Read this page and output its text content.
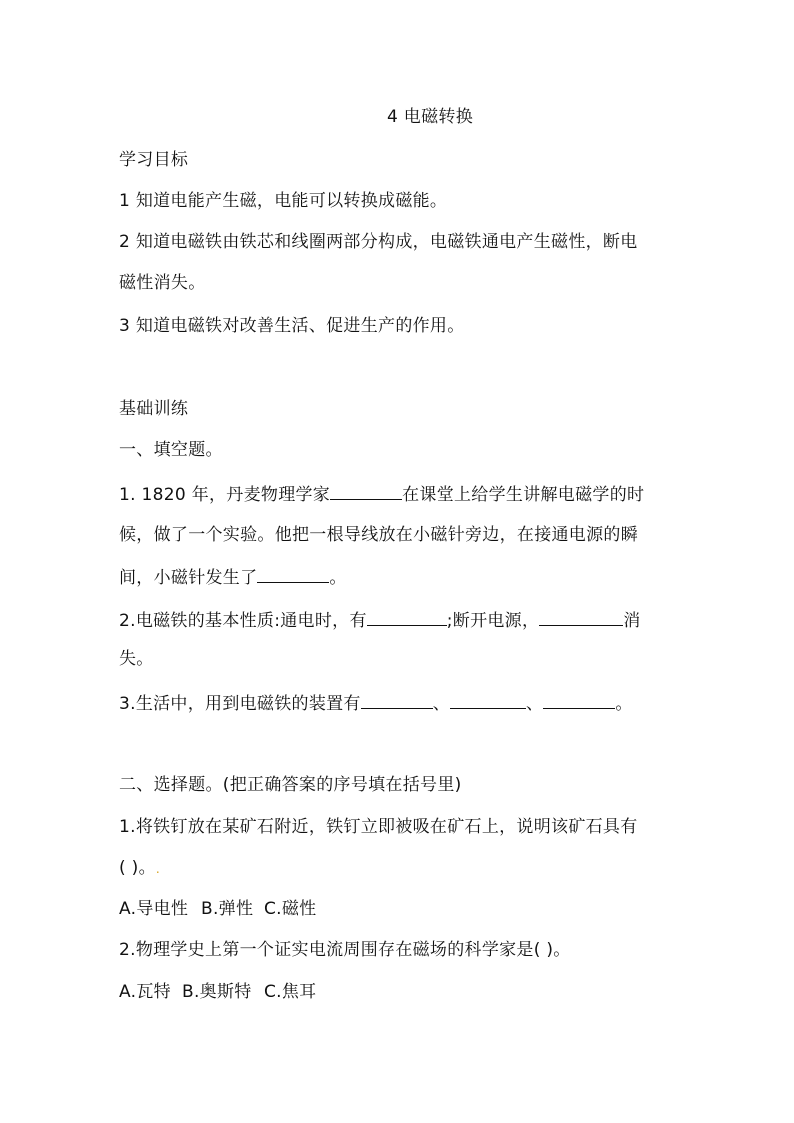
4 电磁转换
学习目标
1 知道电能产生磁，电能可以转换成磁能。
2 知道电磁铁由铁芯和线圈两部分构成，电磁铁通电产生磁性，断电
磁性消失。
3 知道电磁铁对改善生活、促进生产的作用。
基础训练
一、填空题。
1. 1820 年，丹麦物理学家	在课堂上给学生讲解电磁学的时
候，做了一个实验。他把一根导线放在小磁针旁边，在接通电源的瞬
间，小磁针发生了	。
2.电磁铁的基本性质:通电时，有	;断开电源，	消
失。
3.生活中，用到电磁铁的装置有	、	、	。
二、选择题。(把正确答案的序号填在括号里)
1.将铁钉放在某矿石附近，铁钉立即被吸在矿石上，说明该矿石具有
( )。.
A.导电性 B.弹性 C.磁性
2.物理学史上第一个证实电流周围存在磁场的科学家是( )。
A.瓦特 B.奥斯特 C.焦耳
